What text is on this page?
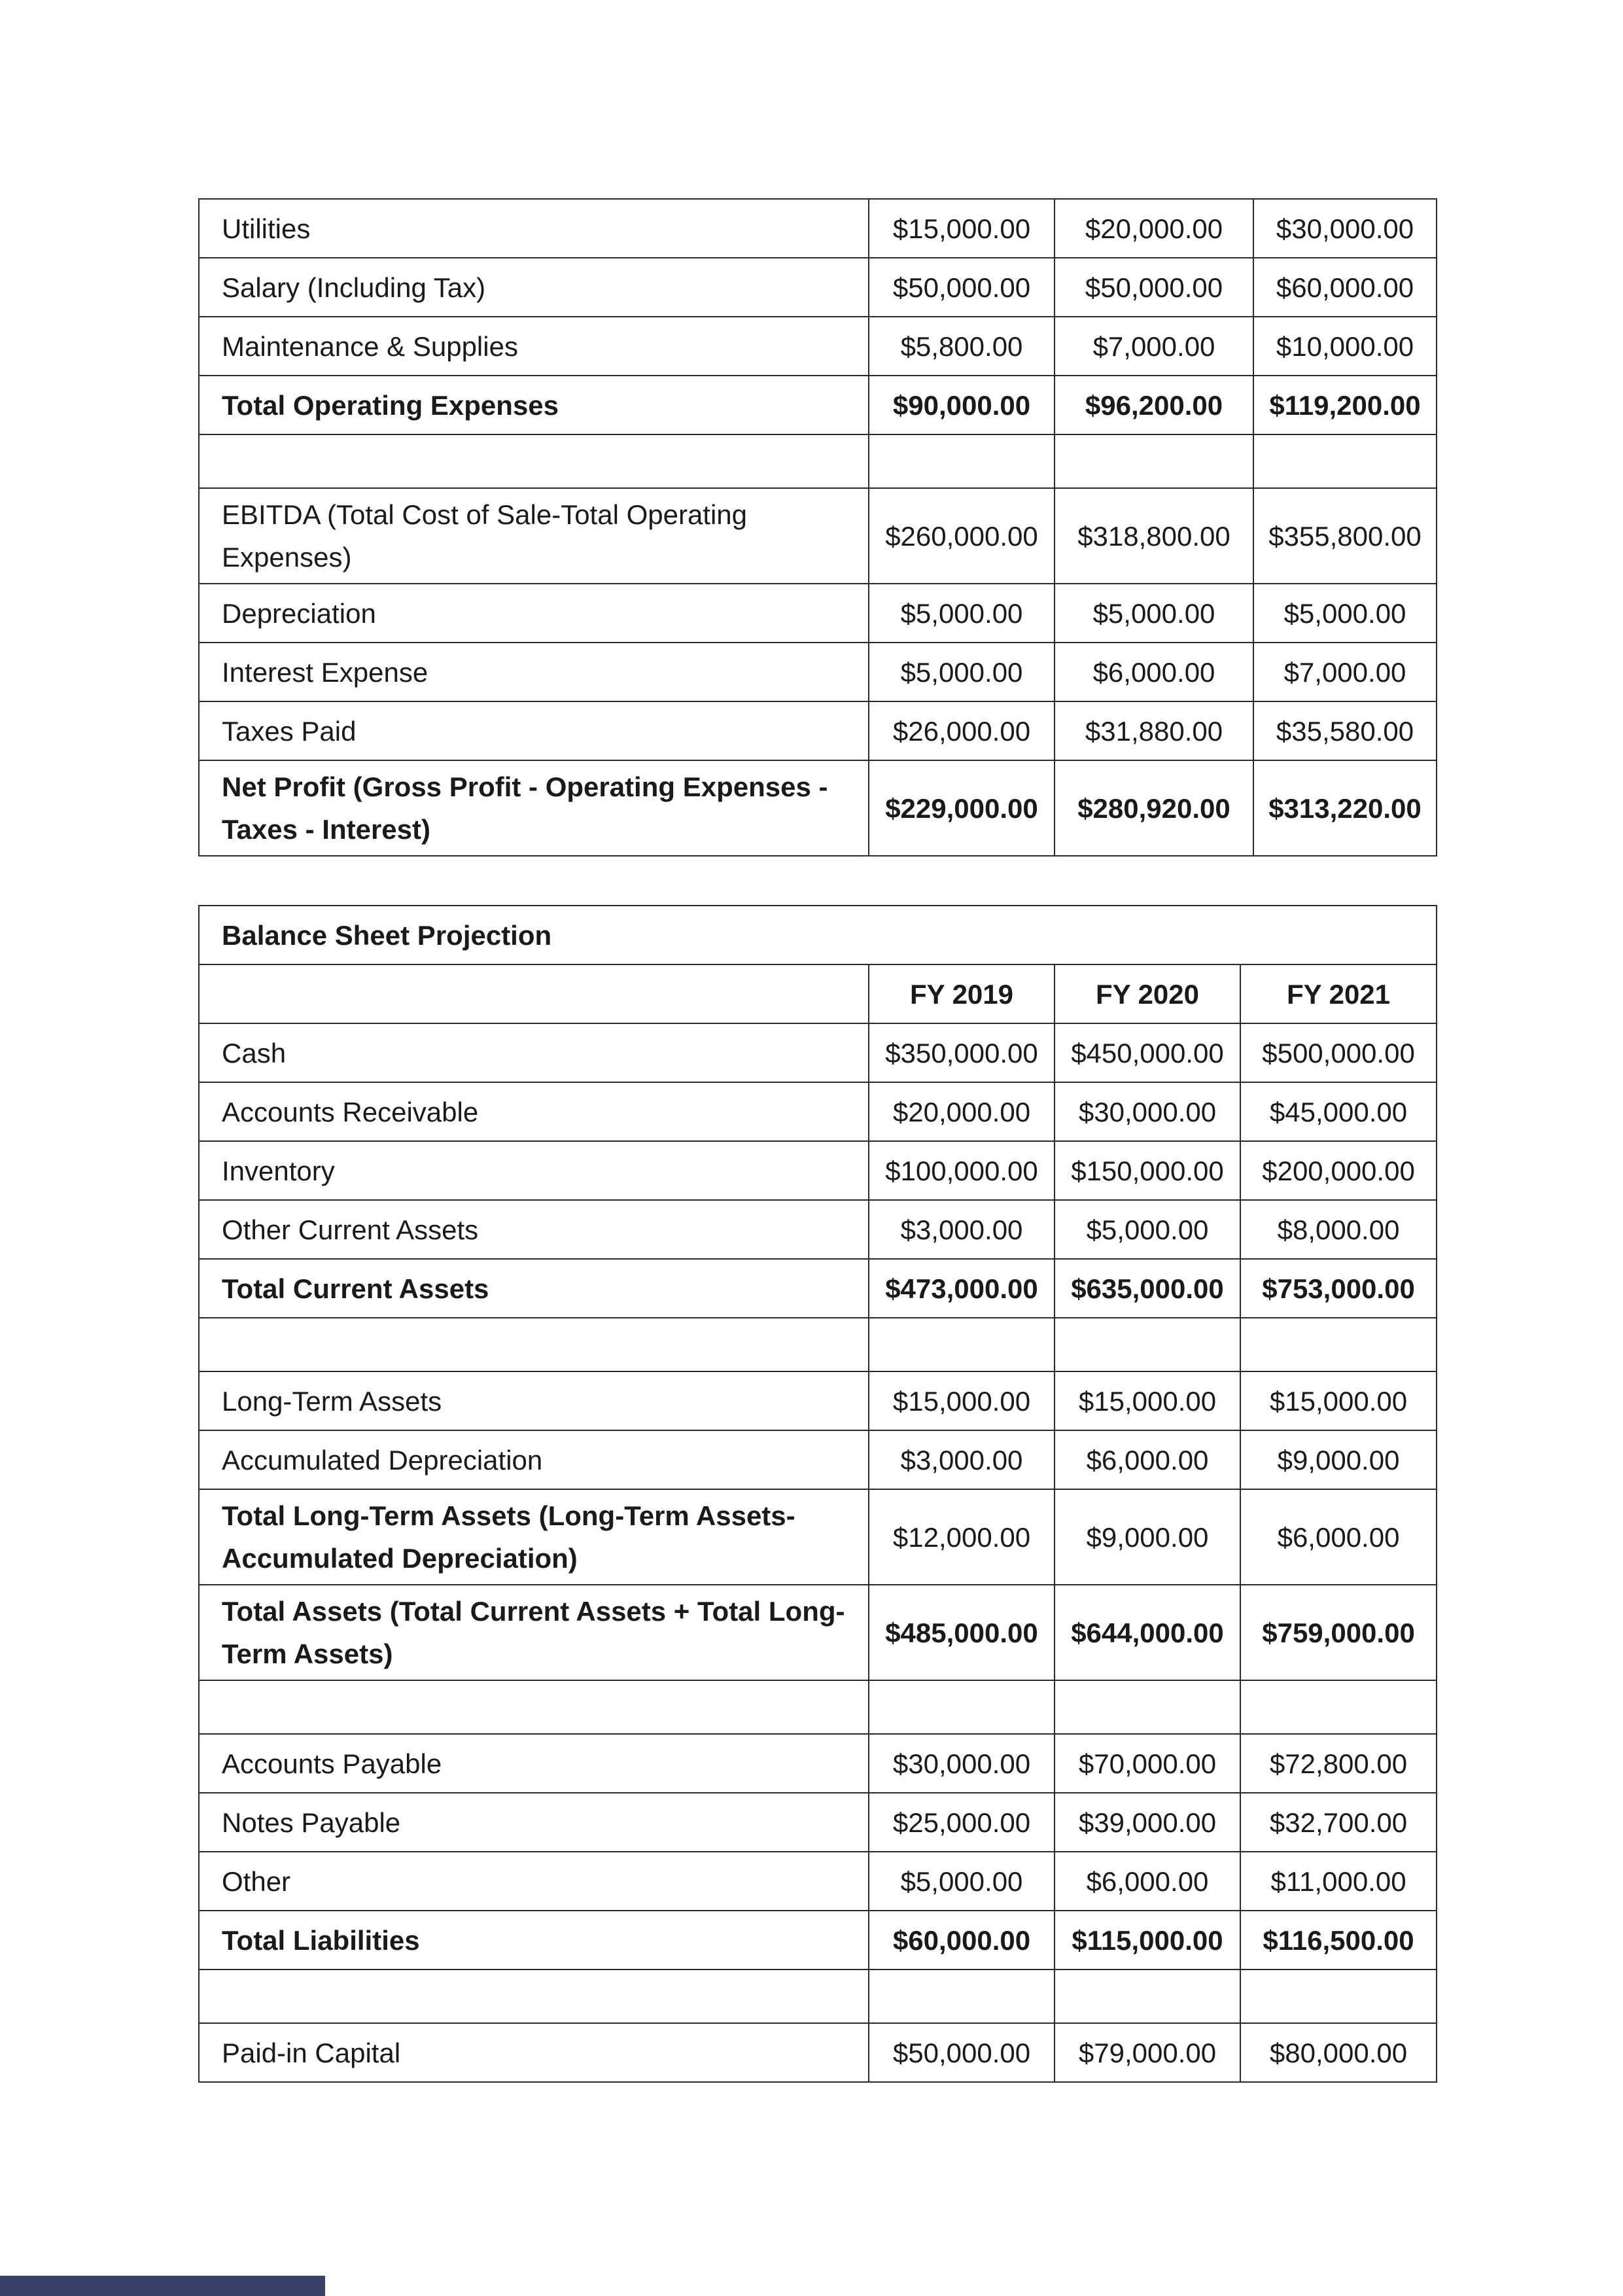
Utilities	$15,000.00	$20,000.00	$30,000.00
Salary (Including Tax)	$50,000.00	$50,000.00	$60,000.00
Maintenance & Supplies	$5,800.00	$7,000.00	$10,000.00
Total Operating Expenses	$90,000.00	$96,200.00	$119,200.00

EBITDA (Total Cost of Sale-Total Operating Expenses)	$260,000.00	$318,800.00	$355,800.00
Depreciation	$5,000.00	$5,000.00	$5,000.00
Interest Expense	$5,000.00	$6,000.00	$7,000.00
Taxes Paid	$26,000.00	$31,880.00	$35,580.00
Net Profit (Gross Profit - Operating Expenses - Taxes - Interest)	$229,000.00	$280,920.00	$313,220.00
Balance Sheet Projection			
	FY 2019	FY 2020	FY 2021
Cash	$350,000.00	$450,000.00	$500,000.00
Accounts Receivable	$20,000.00	$30,000.00	$45,000.00
Inventory	$100,000.00	$150,000.00	$200,000.00
Other Current Assets	$3,000.00	$5,000.00	$8,000.00
Total Current Assets	$473,000.00	$635,000.00	$753,000.00

Long-Term Assets	$15,000.00	$15,000.00	$15,000.00
Accumulated Depreciation	$3,000.00	$6,000.00	$9,000.00
Total Long-Term Assets (Long-Term Assets-Accumulated Depreciation)	$12,000.00	$9,000.00	$6,000.00
Total Assets (Total Current Assets + Total Long-Term Assets)	$485,000.00	$644,000.00	$759,000.00

Accounts Payable	$30,000.00	$70,000.00	$72,800.00
Notes Payable	$25,000.00	$39,000.00	$32,700.00
Other	$5,000.00	$6,000.00	$11,000.00
Total Liabilities	$60,000.00	$115,000.00	$116,500.00

Paid-in Capital	$50,000.00	$79,000.00	$80,000.00
